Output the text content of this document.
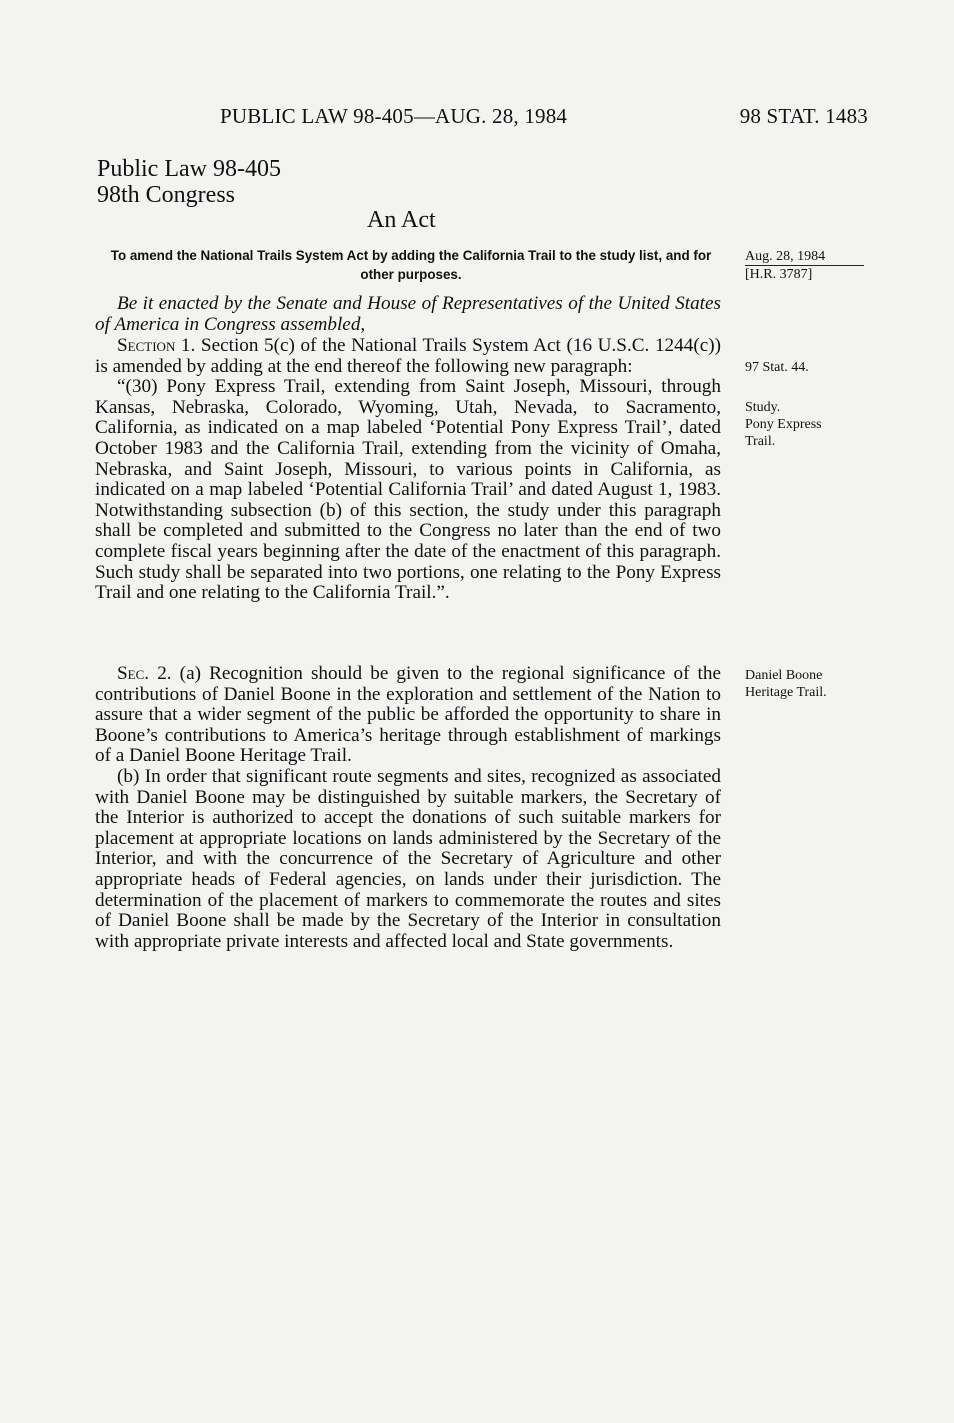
PUBLIC LAW 98-405—AUG. 28, 1984	98 STAT. 1483
Public Law 98-405
98th Congress
An Act
To amend the National Trails System Act by adding the California Trail to the study list, and for other purposes.
Aug. 28, 1984
[H.R. 3787]
97 Stat. 44.
Study.
Pony Express
Trail.
Daniel Boone
Heritage Trail.

Be it enacted by the Senate and House of Representatives of the United States of America in Congress assembled,

Section 1. Section 5(c) of the National Trails System Act (16 U.S.C. 1244(c)) is amended by adding at the end thereof the following new paragraph:

“(30) Pony Express Trail, extending from Saint Joseph, Missouri, through Kansas, Nebraska, Colorado, Wyoming, Utah, Nevada, to Sacramento, California, as indicated on a map labeled ‘Potential Pony Express Trail’, dated October 1983 and the California Trail, extending from the vicinity of Omaha, Nebraska, and Saint Joseph, Missouri, to various points in California, as indicated on a map labeled ‘Potential California Trail’ and dated August 1, 1983. Notwithstanding subsection (b) of this section, the study under this paragraph shall be completed and submitted to the Congress no later than the end of two complete fiscal years beginning after the date of the enactment of this paragraph. Such study shall be separated into two portions, one relating to the Pony Express Trail and one relating to the California Trail.”.

Sec. 2. (a) Recognition should be given to the regional significance of the contributions of Daniel Boone in the exploration and settlement of the Nation to assure that a wider segment of the public be afforded the opportunity to share in Boone’s contributions to America’s heritage through establishment of markings of a Daniel Boone Heritage Trail.

(b) In order that significant route segments and sites, recognized as associated with Daniel Boone may be distinguished by suitable markers, the Secretary of the Interior is authorized to accept the donations of such suitable markers for placement at appropriate locations on lands administered by the Secretary of the Interior, and with the concurrence of the Secretary of Agriculture and other appropriate heads of Federal agencies, on lands under their jurisdiction. The determination of the placement of markers to commemorate the routes and sites of Daniel Boone shall be made by the Secretary of the Interior in consultation with appropriate private interests and affected local and State governments.
